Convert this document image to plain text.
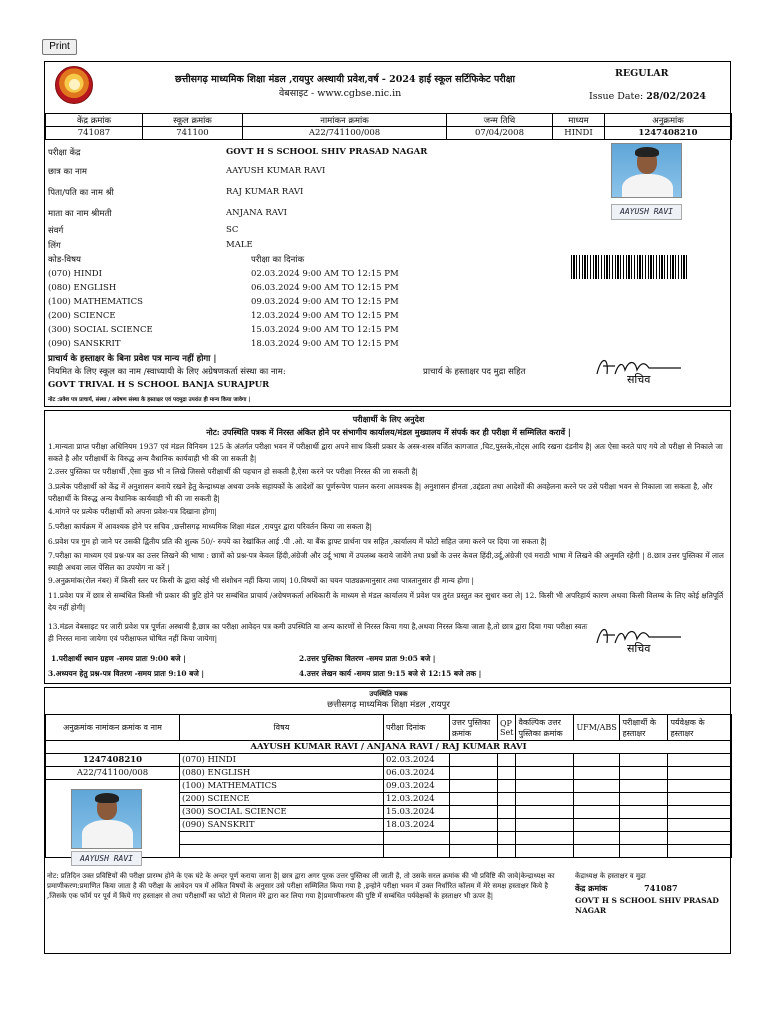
Print
छत्तीसगढ़ माध्यमिक शिक्षा मंडल ,रायपुर अस्थायी प्रवेश,वर्ष - 2024 हाई स्कूल सर्टिफिकेट परीक्षा
वेबसाइट - www.cgbse.nic.in
REGULAR
Issue Date: 28/02/2024
केंद्र क्रमांक	स्कूल क्रमांक	नामांकन क्रमांक	जन्म तिथि	माध्यम	अनुक्रमांक
741087	741100	A22/741100/008	07/04/2008	HINDI	1247408210
परीक्षा केंद्र	GOVT H S SCHOOL SHIV PRASAD NAGAR
छात्र का नाम	AAYUSH KUMAR RAVI
पिता/पति का नाम श्री	RAJ KUMAR RAVI
माता का नाम श्रीमती	ANJANA RAVI
संवर्ग	SC
लिंग	MALE
कोड-विषय	परीक्षा का दिनांक
(070) HINDI	02.03.2024 9:00 AM TO 12:15 PM
(080) ENGLISH	06.03.2024 9:00 AM TO 12:15 PM
(100) MATHEMATICS	09.03.2024 9:00 AM TO 12:15 PM
(200) SCIENCE	12.03.2024 9:00 AM TO 12:15 PM
(300) SOCIAL SCIENCE	15.03.2024 9:00 AM TO 12:15 PM
(090) SANSKRIT	18.03.2024 9:00 AM TO 12:15 PM
AAYUSH RAVI
प्राचार्य के हस्ताक्षर के बिना प्रवेश पत्र मान्य नहीं होगा |
नियमित के लिए स्कूल का नाम /स्वाध्यायी के लिए अग्रेषणकर्ता संस्था का नाम:	प्राचार्य के हस्ताक्षर पद मुद्रा सहित
GOVT TRIVAL H S SCHOOL BANJA SURAJPUR
नोट :प्रवेश पत्र प्राचार्य, संस्था / अग्रेषण संस्था के हस्ताक्षर एवं पदमुद्रा उपरांत ही मान्य किया जावेगा |
सचिव
परीक्षार्थी के लिए अनुदेश
नोट: उपस्थिति पत्रक में निरस्त अंकित होने पर संभागीय कार्यालय/मंडल मुख्यालय में संपर्क कर ही परीक्षा में सम्मिलित करावें |
1.मान्यता प्राप्त परीक्षा अधिनियम 1937 एवं मंडल विनियम 125 के अंतर्गत परीक्षा भवन में परीक्षार्थी द्वारा अपने साथ किसी प्रकार के अस्त्र-शस्त्र वर्जित कागजात ,चिट,पुस्तके,नोट्स आदि रखना दंडनीय है| अतः ऐसा करते पाए गये तो परीक्षा से निकाले जा सकते है और परीक्षार्थी के विरुद्ध अन्य वैधानिक कार्यवाही भी की जा सकती है|
2.उत्तर पुस्तिका पर परीक्षार्थी ,ऐसा कुछ भी न लिखे जिससे परीक्षार्थी की पहचान हो सकती है,ऐसा करने पर परीक्षा निरस्त की जा सकती है|
3.प्रत्येक परीक्षार्थी को केंद्र में अनुशासन बनाये रखने हेतु केन्द्राध्यक्ष अथवा उनके सहायकों के आदेशों का पूर्णरूपेण पालन करना आवश्यक है| अनुशासन हीनता ,उद्दंडता तथा आदेशों की अवहेलना करने पर उसे परीक्षा भवन से निकाला जा सकता है, और परीक्षार्थी के विरुद्ध अन्य वैधानिक कार्यवाही भी की जा सकती है|
4.मांगने पर प्रत्येक परीक्षार्थी को अपना प्रवेश-पत्र दिखाना होगा|
5.परीक्षा कार्यक्रम में आवश्यक होने पर सचिव ,छत्तीसगढ़ माध्यमिक शिक्षा मंडल ,रायपुर द्वारा परिवर्तन किया जा सकता है|
6.प्रवेश पत्र गुम हो जाने पर उसकी द्वितीय प्रति की शुल्क 50/- रुपये का रेखांकित आई .पी .ओ. या बैंक ड्राफ्ट प्रार्थना पत्र सहित ,कार्यालय में फोटो सहित जमा करने पर दिया जा सकता है|
7.परीक्षा का माध्यम एवं प्रश्न-पत्र का उत्तर लिखने की भाषा : छात्रों को प्रश्न-पत्र केवल हिंदी,अंग्रेजी और उर्दू भाषा में उपलब्ध कराये जावेंगे तथा प्रश्नों के उत्तर केवल हिंदी,उर्दू,अंग्रेजी एवं मराठी भाषा में लिखने की अनुमति रहेगी | 8.छात्र उत्तर पुस्तिका में लाल स्याही अथवा लाल पेंसिल का उपयोग ना करें |
9.अनुक्रमांक(रोल नंबर) में किसी स्तर पर किसी के द्वारा कोई भी संशोधन नहीं किया जाय| 10.विषयों का चयन पाठ्यक्रमानुसार तथा पात्रतानुसार ही मान्य होगा |
11.प्रवेश पत्र में छात्र से सम्बंधित किसी भी प्रकार की त्रुटि होने पर सम्बंधित प्राचार्य /अग्रेषणकर्ता अधिकारी के माध्यम से मंडल कार्यालय में प्रवेश पत्र तुरंत प्रस्तुत कर सुधार करा ले| 12. किसी भी अपरिहार्य कारण अथवा किसी विलम्ब के लिए कोई क्षतिपूर्ति देय नहीं होगी|
13.मंडल वेबसाइट पर जारी प्रवेश पत्र पूर्णतः अस्थायी है,छात्र का परीक्षा आवेदन पत्र कमी उपस्थिति या अन्य कारणों से निरस्त किया गया है,अथवा निरस्त किया जाता है,तो छात्र द्वारा दिया गया परीक्षा स्वतः ही निरस्त माना जायेगा एवं परीक्षाफल घोषित नहीं किया जायेगा|
सचिव
1.परीक्षार्थी स्थान ग्रहण -समय प्रातः 9:00 बजे |	2.उत्तर पुस्तिका वितरण -समय प्रातः 9:05 बजे |
3.अध्ययन हेतु प्रश्न-पत्र वितरण -समय प्रातः 9:10 बजे |	4.उत्तर लेखन कार्य -समय प्रातः 9:15 बजे से 12:15 बजे तक |
उपस्थिति पत्रक
छत्तीसगढ़ माध्यमिक शिक्षा मंडल ,रायपुर
अनुक्रमांक नामांकन क्रमांक व नाम	विषय	परीक्षा दिनांक	उत्तर पुस्तिका क्रमांक	QP Set	वैकल्पिक उत्तर पुस्तिका क्रमांक	UFM/ABS	परीक्षार्थी के हस्ताक्षर	पर्यवेक्षक के हस्ताक्षर
AAYUSH KUMAR RAVI / ANJANA RAVI / RAJ KUMAR RAVI								
1247408210	(070) HINDI	02.03.2024						
A22/741100/008	(080) ENGLISH	06.03.2024						
	(100) MATHEMATICS	09.03.2024						
	(200) SCIENCE	12.03.2024						
	(300) SOCIAL SCIENCE	15.03.2024						
	(090) SANSKRIT	18.03.2024						

AAYUSH RAVI
नोट: प्रतिदिन उक्त प्रविष्टियों की परीक्षा प्रारम्भ होने के एक घंटे के अन्दर पूर्ण कराया जाना है| छात्र द्वारा अगर पूरक उत्तर पुस्तिका ली जाती है, तो उसके सरल क्रमांक की भी प्रविष्टि की जावे|केन्द्राध्यक्ष का प्रमाणीकरण:प्रमाणित किया जाता है की परीक्षा के आवेदन पत्र में अंकित विषयों के अनुसार उसे परीक्षा सम्मिलित किया गया है ,इन्होने परीक्षा भवन में उक्त निर्धारित कॉलम में मेरे समक्ष हस्ताक्षर किये है ,जिसके एक फॉर्म पर पूर्व में किये गए हस्ताक्षर से तथा परीक्षार्थी का फोटो से मिलान मेरे द्वारा कर लिया गया है|प्रमाणीकरण की पुष्टि में सम्बंधित पर्यवेक्षकों के हस्ताक्षर भी ऊपर है|
केंद्राध्यक्ष के हस्ताक्षर व मुद्रा
केंद्र क्रमांक	741087
GOVT H S SCHOOL SHIV PRASAD NAGAR
